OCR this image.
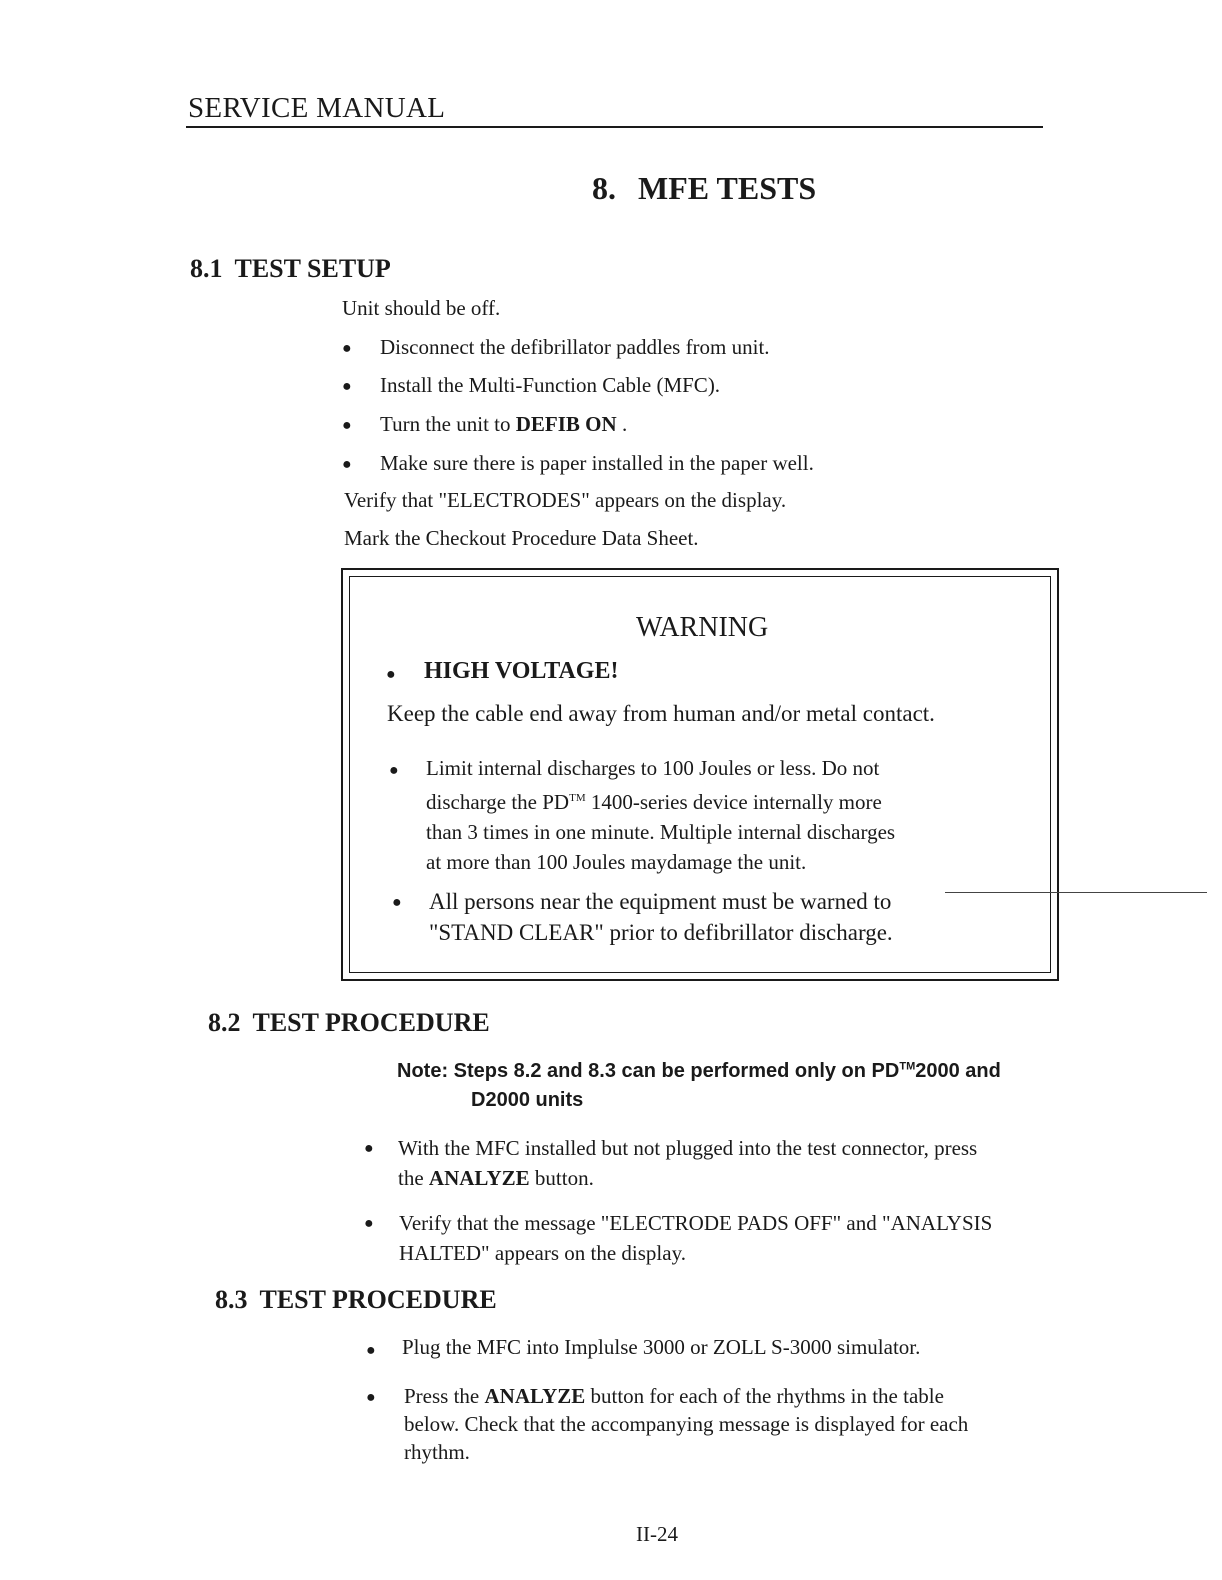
SERVICE MANUAL
8. MFE TESTS
8.1 TEST SETUP
Unit should be off.
● Disconnect the defibrillator paddles from unit.
● Install the Multi-Function Cable (MFC).
● Turn the unit to DEFIB ON .
● Make sure there is paper installed in the paper well.
Verify that "ELECTRODES" appears on the display.
Mark the Checkout Procedure Data Sheet.
WARNING
● HIGH VOLTAGE!
Keep the cable end away from human and/or metal contact.
● Limit internal discharges to 100 Joules or less. Do not
discharge the PD™ 1400-series device internally more
than 3 times in one minute. Multiple internal discharges
at more than 100 Joules maydamage the unit.
● All persons near the equipment must be warned to
"STAND CLEAR" prior to defibrillator discharge.
8.2 TEST PROCEDURE
Note: Steps 8.2 and 8.3 can be performed only on PD™2000 and
D2000 units
● With the MFC installed but not plugged into the test connector, press
the ANALYZE button.
● Verify that the message "ELECTRODE PADS OFF" and "ANALYSIS
HALTED" appears on the display.
8.3 TEST PROCEDURE
● Plug the MFC into Implulse 3000 or ZOLL S-3000 simulator.
● Press the ANALYZE button for each of the rhythms in the table
below. Check that the accompanying message is displayed for each
rhythm.
II-24
